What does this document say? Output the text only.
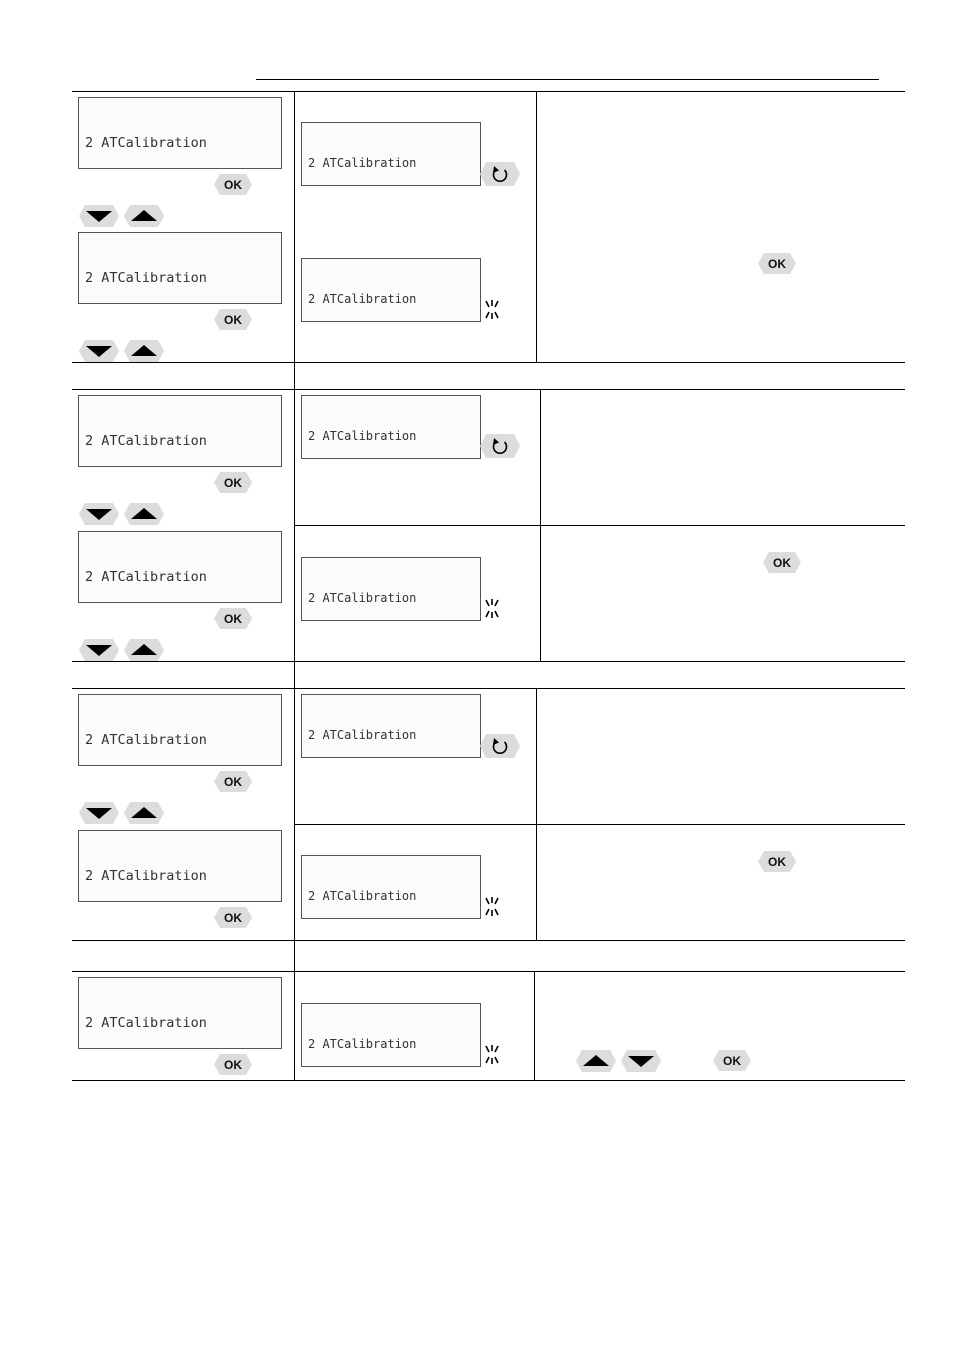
2 ATCalibration

2 ATCalibration

2 ATCalibration

2 ATCalibration

2 ATCalibration

2 ATCalibration

2 ATCalibration

2 ATCalibration

2 ATCalibration

2 ATCalibration

2 ATCalibration

2 ATCalibration

2 ATCalibration

2 ATCalibration

OK
OK
OK
OK
OK
OK
OK
OK
OK
OK
OK
